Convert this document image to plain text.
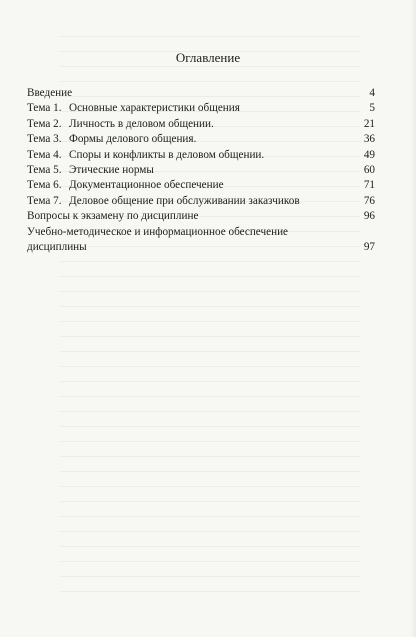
Оглавление
Введение	4
Тема 1. Основные характеристики общения	5
Тема 2. Личность в деловом общении.	21
Тема 3. Формы делового общения.	36
Тема 4. Споры и конфликты в деловом общении.	49
Тема 5. Этические нормы	60
Тема 6. Документационное обеспечение	71
Тема 7. Деловое общение при обслуживании заказчиков	76
Вопросы к экзамену по дисциплине	96
Учебно-методическое и информационное обеспечение
дисциплины	97
